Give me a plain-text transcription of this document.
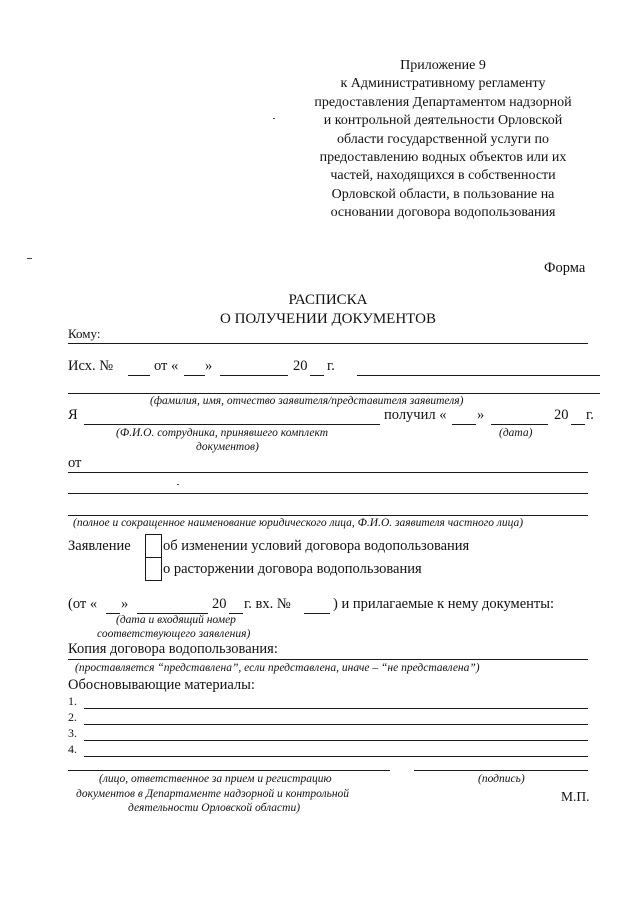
Приложение 9
к Административному регламенту
предоставления Департаментом надзорной
и контрольной деятельности Орловской
области государственной услуги по
предоставлению водных объектов или их
частей, находящихся в собственности
Орловской области, в пользование на
основании договора водопользования
Форма
РАСПИСКА
О ПОЛУЧЕНИИ ДОКУМЕНТОВ
Кому:
Исх. №	от « »	20 г.
(фамилия, имя, отчество заявителя/представителя заявителя)
Я	получил « »	20 г.
(Ф.И.О. сотрудника, принявшего комплект
документов)
(дата)
от
(полное и сокращенное наименование юридического лица, Ф.И.О. заявителя частного лица)
Заявление об изменении условий договора водопользования
о расторжении договора водопользования
(от « »	20 г. вх. №	) и прилагаемые к нему документы:
(дата и входящий номер
соответствующего заявления)
Копия договора водопользования:
(проставляется “представлена”, если представлена, иначе – “не представлена”)
Обосновывающие материалы:
1.
2.
3.
4.
(лицо, ответственное за прием и регистрацию
документов в Департаменте надзорной и контрольной
деятельности Орловской области)
(подпись)
М.П.
